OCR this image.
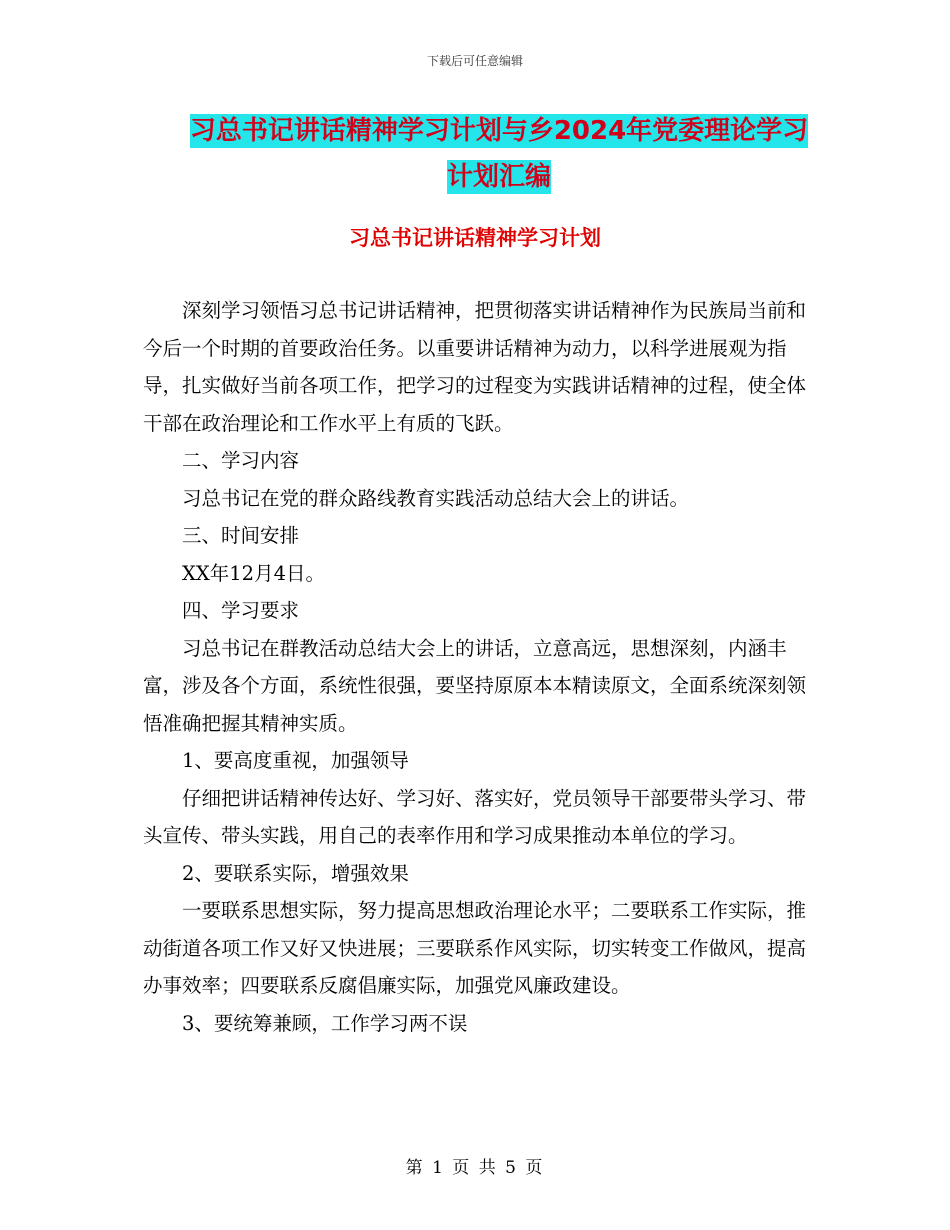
下载后可任意编辑
习总书记讲话精神学习计划与乡2024年党委理论学习
计划汇编
习总书记讲话精神学习计划

深刻学习领悟习总书记讲话精神，把贯彻落实讲话精神作为民族局当前和今后一个时期的首要政治任务。以重要讲话精神为动力，以科学进展观为指导，扎实做好当前各项工作，把学习的过程变为实践讲话精神的过程，使全体干部在政治理论和工作水平上有质的飞跃。

二、学习内容

习总书记在党的群众路线教育实践活动总结大会上的讲话。

三、时间安排

XX年12月4日。

四、学习要求

习总书记在群教活动总结大会上的讲话，立意高远，思想深刻，内涵丰富，涉及各个方面，系统性很强，要坚持原原本本精读原文，全面系统深刻领悟准确把握其精神实质。

1、要高度重视，加强领导

仔细把讲话精神传达好、学习好、落实好，党员领导干部要带头学习、带头宣传、带头实践，用自己的表率作用和学习成果推动本单位的学习。

2、要联系实际，增强效果

一要联系思想实际，努力提高思想政治理论水平；二要联系工作实际，推动街道各项工作又好又快进展；三要联系作风实际，切实转变工作做风，提高办事效率；四要联系反腐倡廉实际，加强党风廉政建设。

3、要统筹兼顾，工作学习两不误

第 1 页 共 5 页
